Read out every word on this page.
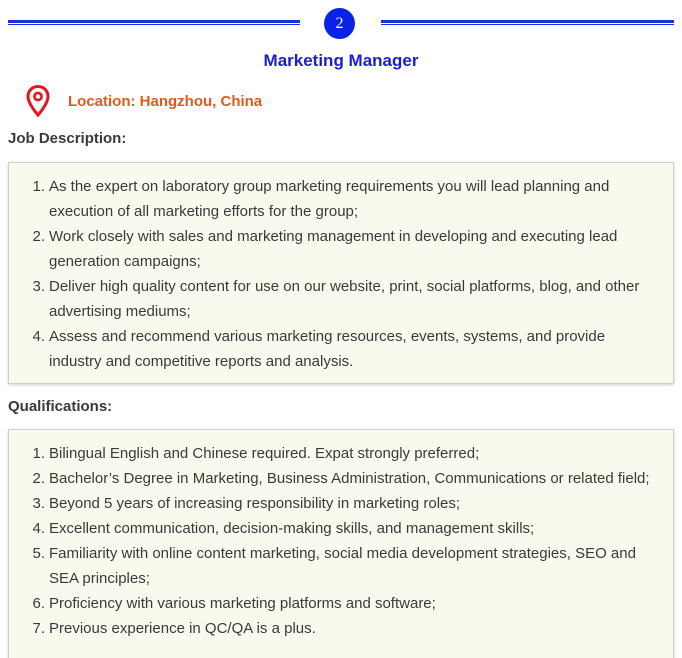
2
Marketing Manager
Location: Hangzhou, China
Job Description:
As the expert on laboratory group marketing requirements you will lead planning and execution of all marketing efforts for the group;
Work closely with sales and marketing management in developing and executing lead generation campaigns;
Deliver high quality content for use on our website, print, social platforms, blog, and other advertising mediums;
Assess and recommend various marketing resources, events, systems, and provide industry and competitive reports and analysis.
Qualifications:
Bilingual English and Chinese required. Expat strongly preferred;
Bachelor’s Degree in Marketing, Business Administration, Communications or related field;
Beyond 5 years of increasing responsibility in marketing roles;
Excellent communication, decision-making skills, and management skills;
Familiarity with online content marketing, social media development strategies, SEO and SEA principles;
Proficiency with various marketing platforms and software;
Previous experience in QC/QA is a plus.
